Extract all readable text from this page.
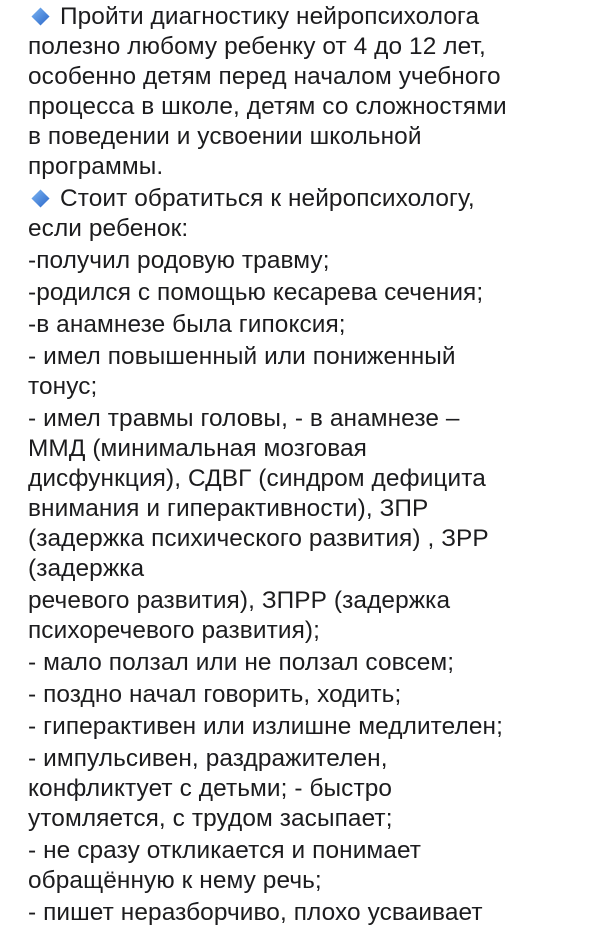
Пройти диагностику нейропсихолога
полезно любому ребенку от 4 до 12 лет,
особенно детям перед началом учебного
процесса в школе, детям со сложностями
в поведении и усвоении школьной
программы.
Стоит обратиться к нейропсихологу,
если ребенок:
-получил родовую травму;
-родился с помощью кесарева сечения;
-в анамнезе была гипоксия;
- имел повышенный или пониженный
тонус;
- имел травмы головы, - в анамнезе –
ММД (минимальная мозговая
дисфункция), СДВГ (синдром дефицита
внимания и гиперактивности), ЗПР
(задержка психического развития) , ЗРР
(задержка
речевого развития), ЗПРР (задержка
психоречевого развития);
- мало ползал или не ползал совсем;
- поздно начал говорить, ходить;
- гиперактивен или излишне медлителен;
- импульсивен, раздражителен,
конфликтует с детьми; - быстро
утомляется, с трудом засыпает;
- не сразу откликается и понимает
обращённую к нему речь;
- пишет неразборчиво, плохо усваивает
